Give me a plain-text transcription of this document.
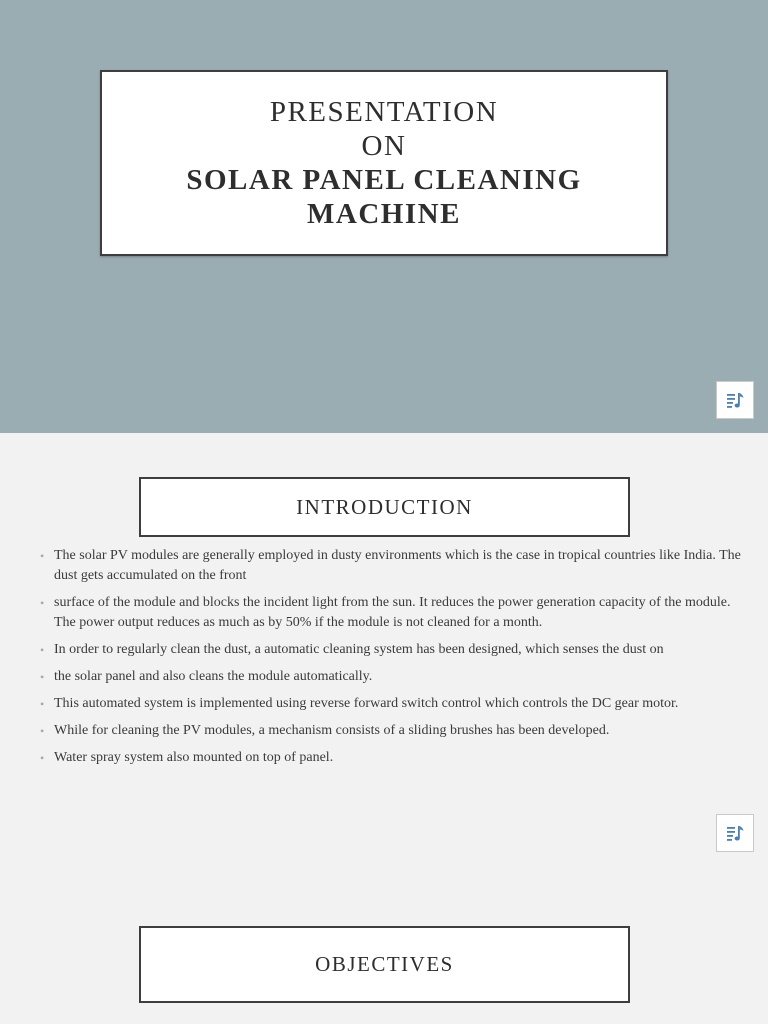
PRESENTATION
ON
SOLAR PANEL CLEANING
MACHINE
INTRODUCTION
• The solar PV modules are generally employed in dusty environments which is the case in tropical countries like India. The dust gets accumulated on the front
• surface of the module and blocks the incident light from the sun. It reduces the power generation capacity of the module. The power output reduces as much as by 50% if the module is not cleaned for a month.
• In order to regularly clean the dust, a automatic cleaning system has been designed, which senses the dust on
• the solar panel and also cleans the module automatically.
• This automated system is implemented using reverse forward switch control which controls the DC gear motor.
• While for cleaning the PV modules, a mechanism consists of a sliding brushes has been developed.
• Water spray system also mounted on top of panel.
OBJECTIVES
